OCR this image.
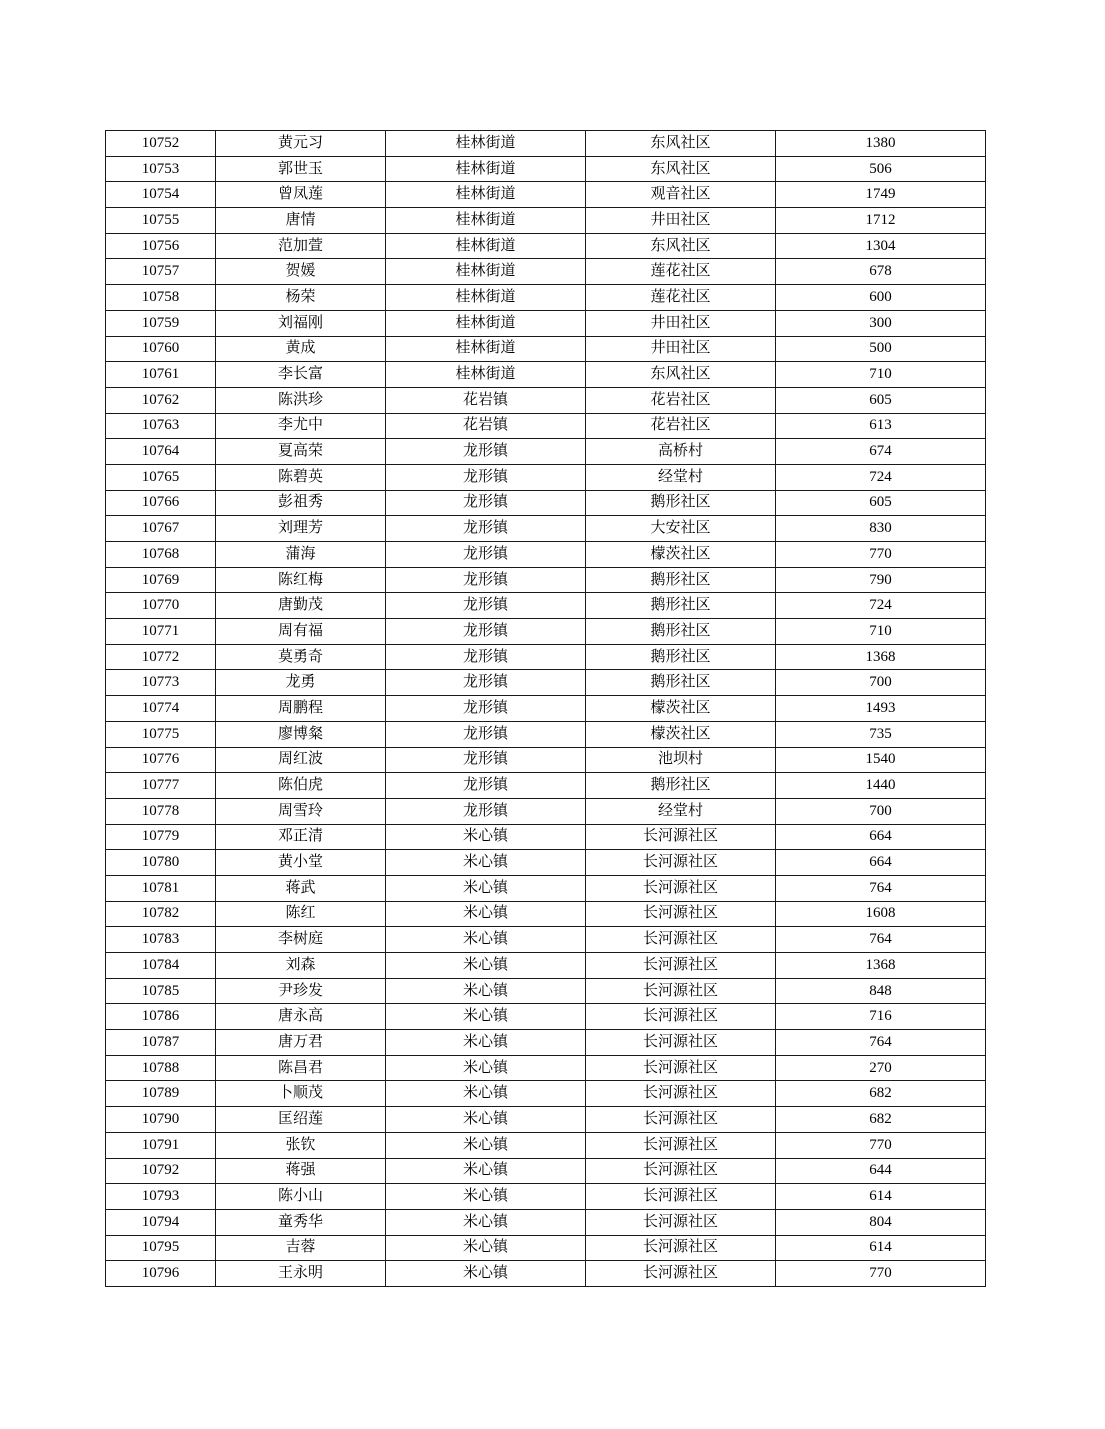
10752	黄元习	桂林街道	东风社区	1380
10753	郭世玉	桂林街道	东风社区	506
10754	曾凤莲	桂林街道	观音社区	1749
10755	唐情	桂林街道	井田社区	1712
10756	范加萱	桂林街道	东风社区	1304
10757	贺媛	桂林街道	莲花社区	678
10758	杨荣	桂林街道	莲花社区	600
10759	刘福刚	桂林街道	井田社区	300
10760	黄成	桂林街道	井田社区	500
10761	李长富	桂林街道	东风社区	710
10762	陈洪珍	花岩镇	花岩社区	605
10763	李尤中	花岩镇	花岩社区	613
10764	夏高荣	龙形镇	高桥村	674
10765	陈碧英	龙形镇	经堂村	724
10766	彭祖秀	龙形镇	鹅形社区	605
10767	刘理芳	龙形镇	大安社区	830
10768	蒲海	龙形镇	檬茨社区	770
10769	陈红梅	龙形镇	鹅形社区	790
10770	唐勤茂	龙形镇	鹅形社区	724
10771	周有福	龙形镇	鹅形社区	710
10772	莫勇奇	龙形镇	鹅形社区	1368
10773	龙勇	龙形镇	鹅形社区	700
10774	周鹏程	龙形镇	檬茨社区	1493
10775	廖博粲	龙形镇	檬茨社区	735
10776	周红波	龙形镇	池坝村	1540
10777	陈伯虎	龙形镇	鹅形社区	1440
10778	周雪玲	龙形镇	经堂村	700
10779	邓正清	米心镇	长河源社区	664
10780	黄小堂	米心镇	长河源社区	664
10781	蒋武	米心镇	长河源社区	764
10782	陈红	米心镇	长河源社区	1608
10783	李树庭	米心镇	长河源社区	764
10784	刘森	米心镇	长河源社区	1368
10785	尹珍发	米心镇	长河源社区	848
10786	唐永高	米心镇	长河源社区	716
10787	唐万君	米心镇	长河源社区	764
10788	陈昌君	米心镇	长河源社区	270
10789	卜顺茂	米心镇	长河源社区	682
10790	匡绍莲	米心镇	长河源社区	682
10791	张钦	米心镇	长河源社区	770
10792	蒋强	米心镇	长河源社区	644
10793	陈小山	米心镇	长河源社区	614
10794	童秀华	米心镇	长河源社区	804
10795	吉蓉	米心镇	长河源社区	614
10796	王永明	米心镇	长河源社区	770
